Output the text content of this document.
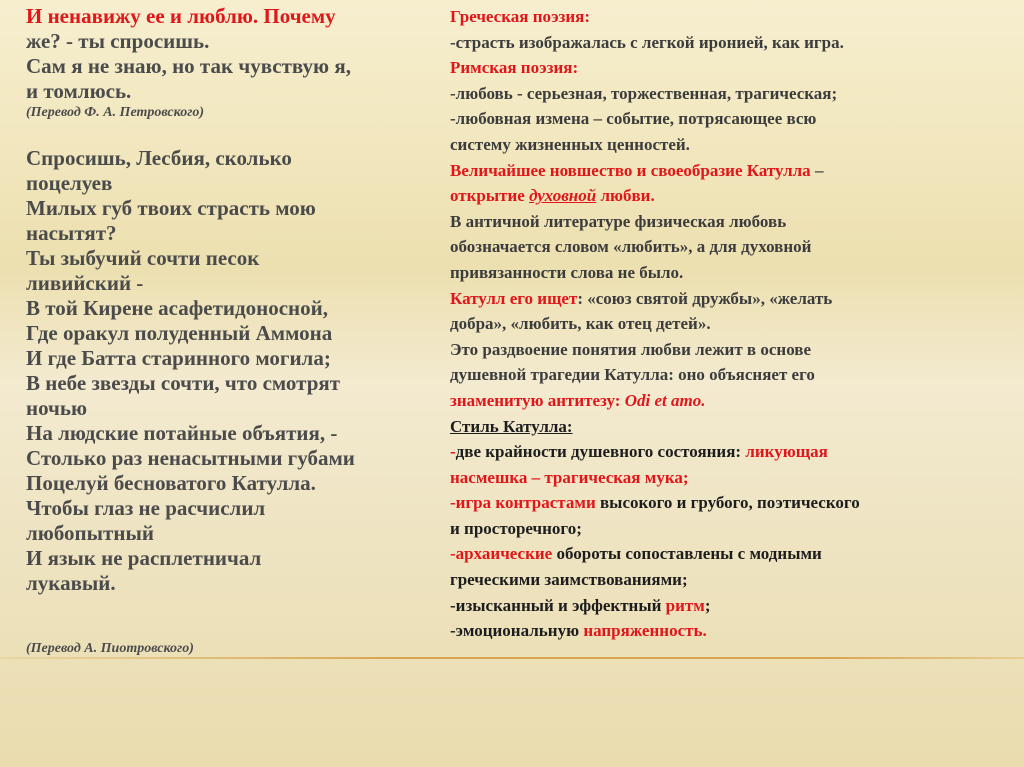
И ненавижу ее и люблю. Почему
же? - ты спросишь.
Сам я не знаю, но так чувствую я,
и томлюсь.
(Перевод Ф. А. Петровского)
Спросишь, Лесбия, сколько
поцелуев
Милых губ твоих страсть мою
насытят?
Ты зыбучий сочти песок
ливийский -
В той Кирене асафетидоносной,
Где оракул полуденный Аммона
И где Батта старинного могила;
В небе звезды сочти, что смотрят
ночью
На людские потайные объятия, -
Столько раз ненасытными губами
Поцелуй бесноватого Катулла.
Чтобы глаз не расчислил
любопытный
И язык не расплетничал
лукавый.
(Перевод А. Пиотровского)
Греческая поэзия:
-страсть изображалась с легкой иронией, как игра.
Римская поэзия:
-любовь - серьезная, торжественная, трагическая;
-любовная измена – событие, потрясающее всю
системy жизненных ценностей.
Величайшее новшество и своеобразие Катулла –
открытие духовной любви.
В античной литературе физическая любовь
обозначается словом «любить», а для духовной
привязанности слова не было.
Катулл его ищет: «союз святой дружбы», «желать
добра», «любить, как отец детей».
Это раздвоение понятия любви лежит в основе
душевной трагедии Катулла: оно объясняет его
знаменитую антитезу: Odi et amo.
Стиль Катулла:
-две крайности душевного состояния: ликующая
насмешка – трагическая мука;
-игра контрастами высокого и грубого, поэтического
и просторечного;
-архаические обороты сопоставлены с модными
греческими заимствованиями;
-изысканный и эффектный ритм;
-эмоциональную напряженность.
